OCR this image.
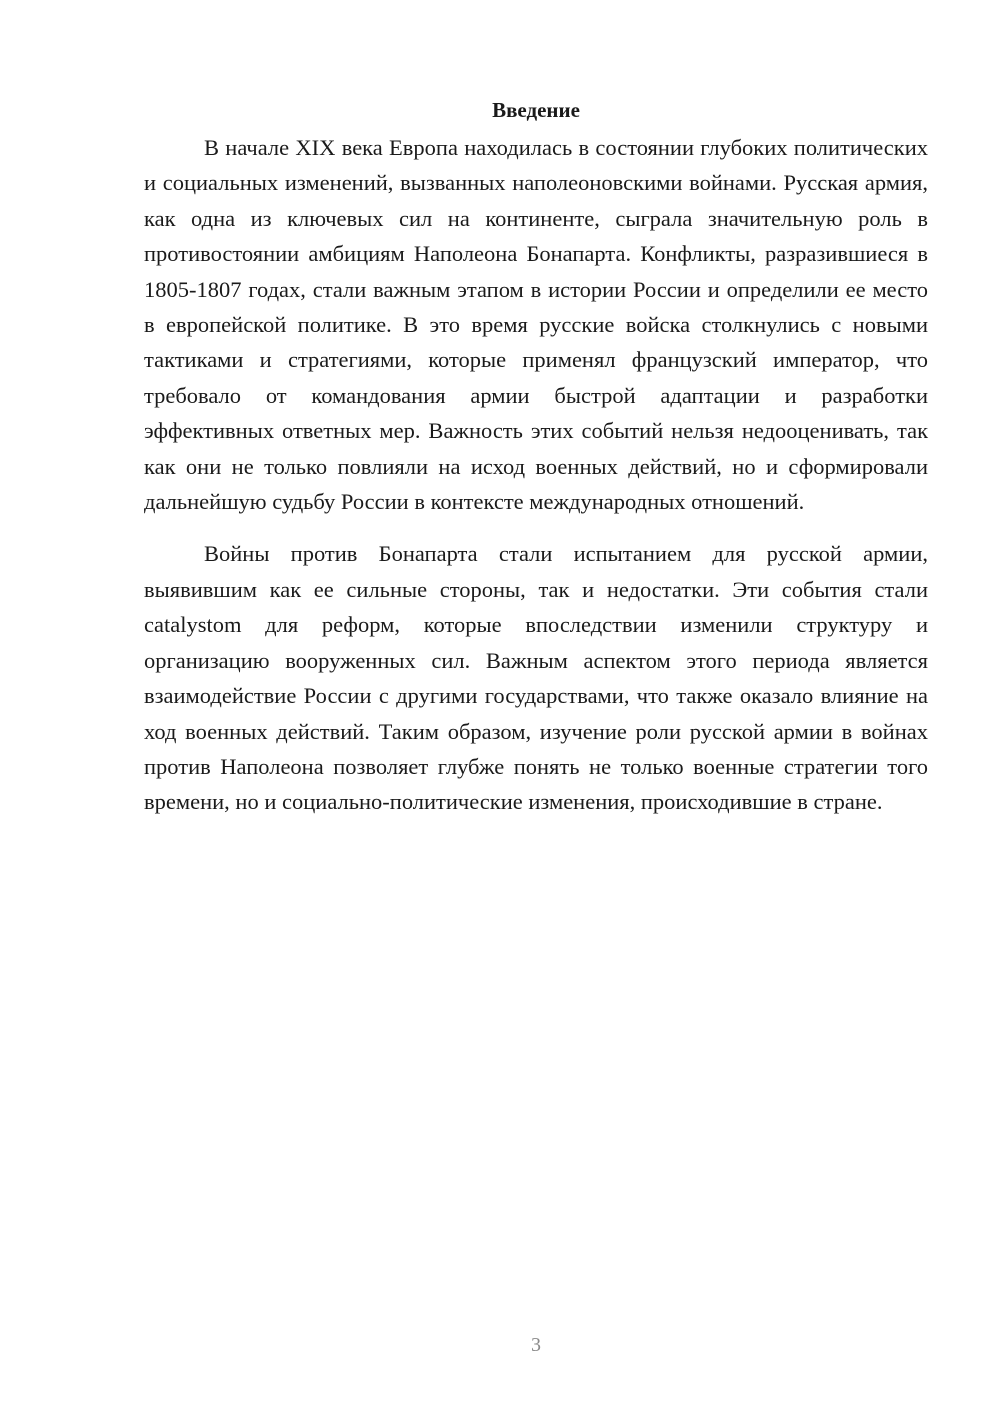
Введение

В начале XIX века Европа находилась в состоянии глубоких политических и социальных изменений, вызванных наполеоновскими войнами. Русская армия, как одна из ключевых сил на континенте, сыграла значительную роль в противостоянии амбициям Наполеона Бонапарта. Конфликты, разразившиеся в 1805-1807 годах, стали важным этапом в истории России и определили ее место в европейской политике. В это время русские войска столкнулись с новыми тактиками и стратегиями, которые применял французский император, что требовало от командования армии быстрой адаптации и разработки эффективных ответных мер. Важность этих событий нельзя недооценивать, так как они не только повлияли на исход военных действий, но и сформировали дальнейшую судьбу России в контексте международных отношений.

Войны против Бонапарта стали испытанием для русской армии, выявившим как ее сильные стороны, так и недостатки. Эти события стали catalystom для реформ, которые впоследствии изменили структуру и организацию вооруженных сил. Важным аспектом этого периода является взаимодействие России с другими государствами, что также оказало влияние на ход военных действий. Таким образом, изучение роли русской армии в войнах против Наполеона позволяет глубже понять не только военные стратегии того времени, но и социально-политические изменения, происходившие в стране.

3
